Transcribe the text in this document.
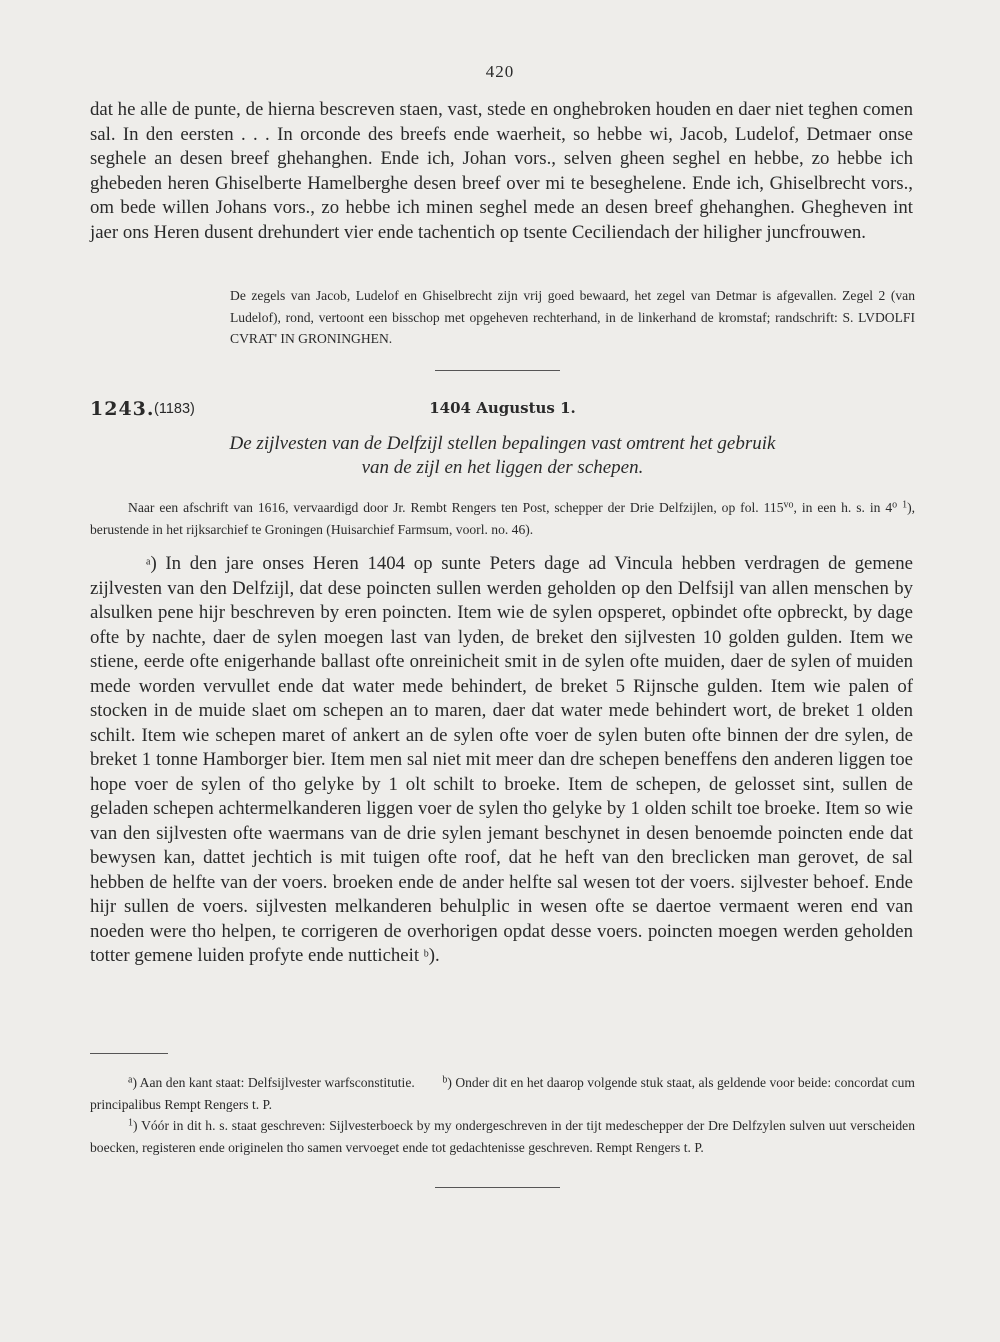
420

dat he alle de punte, de hierna bescreven staen, vast, stede en onghebroken houden en daer niet teghen comen sal. In den eersten . . . In orconde des breefs ende waerheit, so hebbe wi, Jacob, Ludelof, Detmaer onse seghele an desen breef ghehanghen. Ende ich, Johan vors., selven gheen seghel en hebbe, zo hebbe ich ghebeden heren Ghiselberte Hamelberghe desen breef over mi te beseghelene. Ende ich, Ghiselbrecht vors., om bede willen Johans vors., zo hebbe ich minen seghel mede an desen breef ghehanghen. Ghegheven int jaer ons Heren dusent drehundert vier ende tachentich op tsente Ceciliendach der hiligher juncfrouwen.

De zegels van Jacob, Ludelof en Ghiselbrecht zijn vrij goed bewaard, het zegel van Detmar is afgevallen. Zegel 2 (van Ludelof), rond, vertoont een bisschop met opgeheven rechterhand, in de linkerhand de kromstaf; randschrift: S. LVDOLFI CVRAT' IN GRONINGHEN.

1243. (1183)	1404 Augustus 1.
De zijlvesten van de Delfzijl stellen bepalingen vast omtrent het gebruik
van de zijl en het liggen der schepen.

Naar een afschrift van 1616, vervaardigd door Jr. Rembt Rengers ten Post, schepper der Drie Delfzijlen, op fol. $115^{vo}$, in een h. s. in 4$^o$ $^1$), berustende in het rijksarchief te Groningen (Huisarchief Farmsum, voorl. no. 46).

$^a$) In den jare onses Heren 1404 op sunte Peters dage ad Vincula hebben verdragen de gemene zijlvesten van den Delfzijl, dat dese poincten sullen werden geholden op den Delfsijl van allen menschen by alsulken pene hijr beschreven by eren poincten. Item wie de sylen opsperet, opbindet ofte opbreckt, by dage ofte by nachte, daer de sylen moegen last van lyden, de breket den sijlvesten 10 golden gulden. Item we stiene, eerde ofte enigerhande ballast ofte onreinicheit smit in de sylen ofte muiden, daer de sylen of muiden mede worden vervullet ende dat water mede behindert, de breket 5 Rijnsche gulden. Item wie palen of stocken in de muide slaet om schepen an to maren, daer dat water mede behindert wort, de breket 1 olden schilt. Item wie schepen maret of ankert an de sylen ofte voer de sylen buten ofte binnen der dre sylen, de breket 1 tonne Hamborger bier. Item men sal niet mit meer dan dre schepen beneffens den anderen liggen toe hope voer de sylen of tho gelyke by 1 olt schilt to broeke. Item de schepen, de gelosset sint, sullen de geladen schepen achtermelkanderen liggen voer de sylen tho gelyke by 1 olden schilt toe broeke. Item so wie van den sijlvesten ofte waermans van de drie sylen jemant beschynet in desen benoemde poincten ende dat bewysen kan, dattet jechtich is mit tuigen ofte roof, dat he heft van den breclicken man gerovet, de sal hebben de helfte van der voers. broeken ende de ander helfte sal wesen tot der voers. sijlvester behoef. Ende hijr sullen de voers. sijlvesten melkanderen behulplic in wesen ofte se daertoe vermaent weren end van noeden were tho helpen, te corrigeren de overhorigen opdat desse voers. poincten moegen werden geholden totter gemene luiden profyte ende nutticheit $^b$).

$^a$) Aan den kant staat: Delfsijlvester warfsconstitutie.	$^b$) Onder dit en het daarop volgende stuk staat, als geldende voor beide: concordat cum principalibus Rempt Rengers t. P.

$^1$) Vóór in dit h. s. staat geschreven: Sijlvesterboeck by my ondergeschreven in der tijt medeschepper der Dre Delfzylen sulven uut verscheiden boecken, registeren ende originelen tho samen vervoeget ende tot gedachtenisse geschreven. Rempt Rengers t. P.
